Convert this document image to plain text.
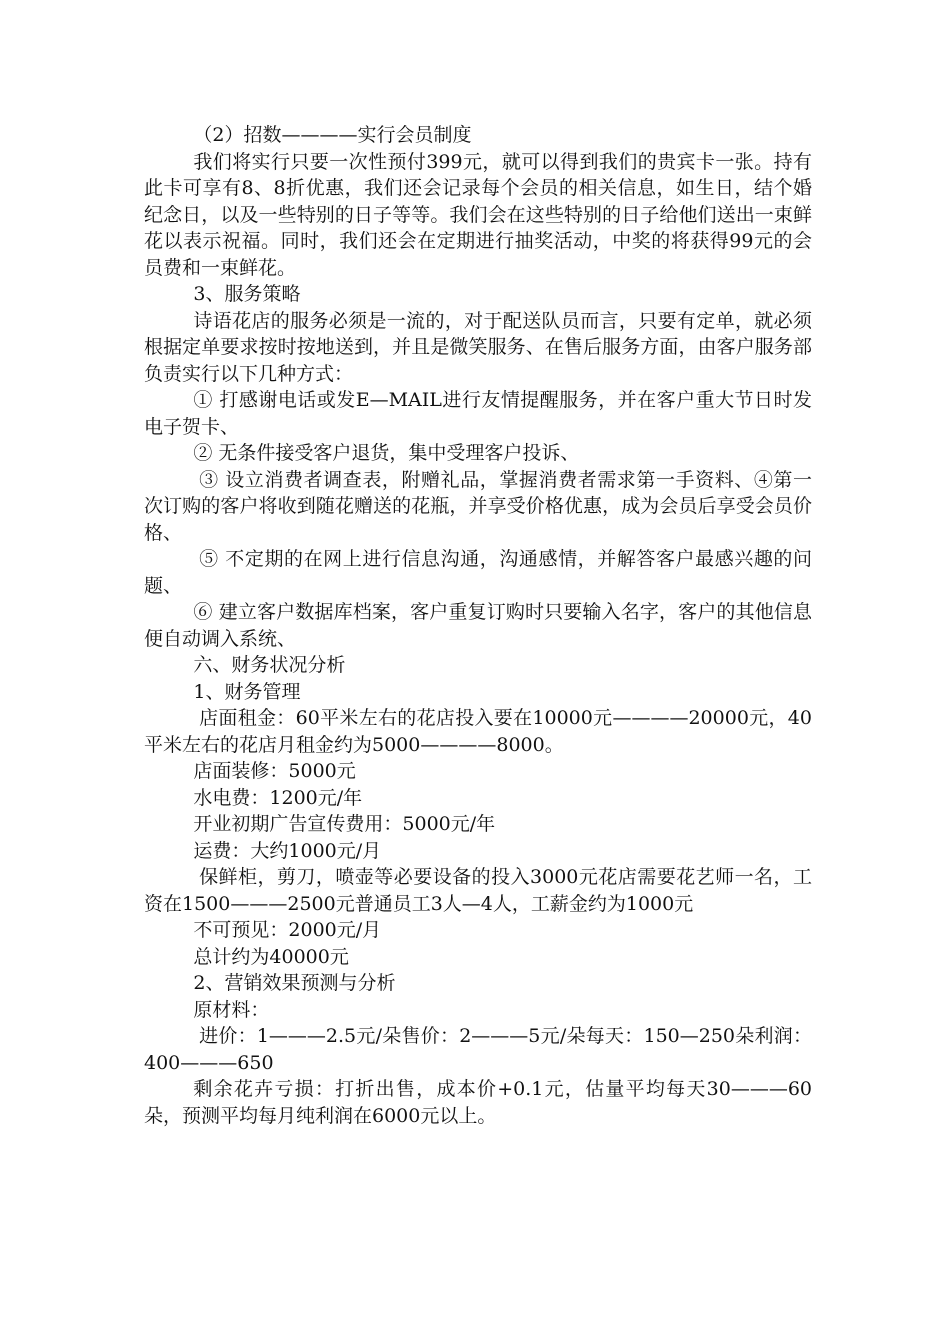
（2）招数————实行会员制度

我们将实行只要一次性预付399元，就可以得到我们的贵宾卡一张。持有此卡可享有8、8折优惠，我们还会记录每个会员的相关信息，如生日，结个婚纪念日，以及一些特别的日子等等。我们会在这些特别的日子给他们送出一束鲜花以表示祝福。同时，我们还会在定期进行抽奖活动，中奖的将获得99元的会员费和一束鲜花。

3、服务策略

诗语花店的服务必须是一流的，对于配送队员而言，只要有定单，就必须根据定单要求按时按地送到，并且是微笑服务、在售后服务方面，由客户服务部负责实行以下几种方式：

① 打感谢电话或发E—MAIL进行友情提醒服务，并在客户重大节日时发电子贺卡、

② 无条件接受客户退货，集中受理客户投诉、

③ 设立消费者调查表，附赠礼品，掌握消费者需求第一手资料、④第一次订购的客户将收到随花赠送的花瓶，并享受价格优惠，成为会员后享受会员价格、

⑤ 不定期的在网上进行信息沟通，沟通感情，并解答客户最感兴趣的问题、

⑥ 建立客户数据库档案，客户重复订购时只要输入名字，客户的其他信息便自动调入系统、

六、财务状况分析

1、财务管理

店面租金：60平米左右的花店投入要在10000元————20000元，40平米左右的花店月租金约为5000————8000。

店面装修：5000元

水电费：1200元/年

开业初期广告宣传费用：5000元/年

运费：大约1000元/月

保鲜柜，剪刀，喷壶等必要设备的投入3000元花店需要花艺师一名，工资在1500———2500元普通员工3人—4人，工薪金约为1000元

不可预见：2000元/月

总计约为40000元

2、营销效果预测与分析

原材料：

进价：1———2.5元/朵售价：2———5元/朵每天：150—250朵利润：400———650

剩余花卉亏损：打折出售，成本价+0.1元，估量平均每天30———60朵，预测平均每月纯利润在6000元以上。
